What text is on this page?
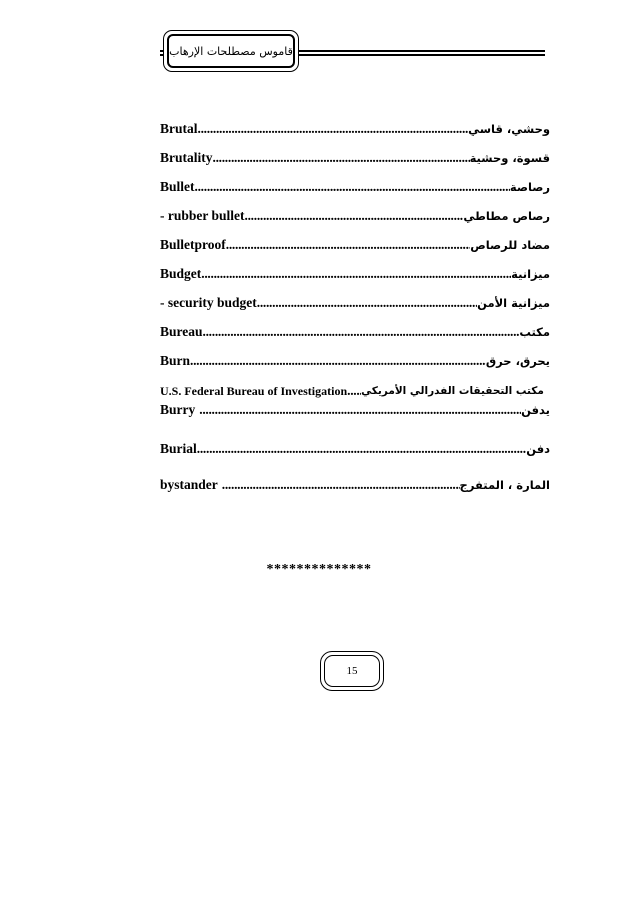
قاموس مصطلحات الإرهاب
Brutal .....	وحشي، قاسي
Brutality .....	قسوة، وحشية
Bullet .....	رصاصة
- rubber bullet .....	رصاص مطاطي
Bulletproof .....	مضاد للرصاص
Budget .....	ميزانية
- security budget .....	ميزانية الأمن
Bureau .....	مكتب
Burn .....	يحرق، حرق
U.S. Federal Bureau of Investigation ..... مكتب التحقيقات الفدرالي الأمريكي
Burry .....	يدفن
Burial .....	دفن
bystander .....	المارة ، المتفرج
**************
15
